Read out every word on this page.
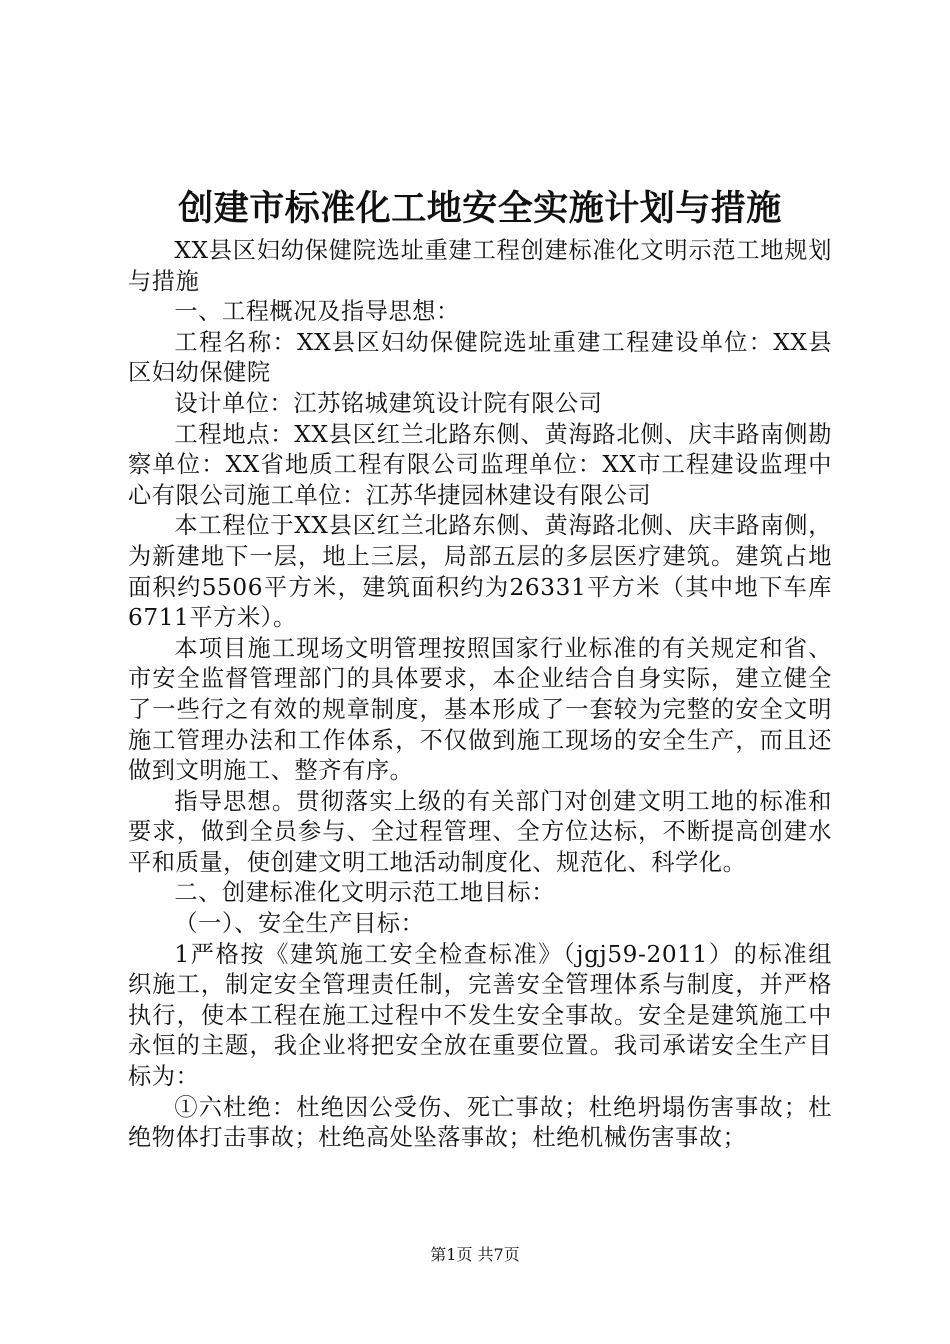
创建市标准化工地安全实施计划与措施

XX县区妇幼保健院选址重建工程创建标准化文明示范工地规划与措施

一、工程概况及指导思想：

工程名称：XX县区妇幼保健院选址重建工程建设单位：XX县区妇幼保健院

设计单位：江苏铭城建筑设计院有限公司

工程地点：XX县区红兰北路东侧、黄海路北侧、庆丰路南侧勘察单位：XX省地质工程有限公司监理单位：XX市工程建设监理中心有限公司施工单位：江苏华捷园林建设有限公司

本工程位于XX县区红兰北路东侧、黄海路北侧、庆丰路南侧，为新建地下一层，地上三层，局部五层的多层医疗建筑。建筑占地面积约5506平方米，建筑面积约为26331平方米（其中地下车库6711平方米）。

本项目施工现场文明管理按照国家行业标准的有关规定和省、市安全监督管理部门的具体要求，本企业结合自身实际，建立健全了一些行之有效的规章制度，基本形成了一套较为完整的安全文明施工管理办法和工作体系，不仅做到施工现场的安全生产，而且还做到文明施工、整齐有序。

指导思想。贯彻落实上级的有关部门对创建文明工地的标准和要求，做到全员参与、全过程管理、全方位达标，不断提高创建水平和质量，使创建文明工地活动制度化、规范化、科学化。

二、创建标准化文明示范工地目标：

（一）、安全生产目标：

1严格按《建筑施工安全检查标准》（jgj59-2011）的标准组织施工，制定安全管理责任制，完善安全管理体系与制度，并严格执行，使本工程在施工过程中不发生安全事故。安全是建筑施工中永恒的主题，我企业将把安全放在重要位置。我司承诺安全生产目标为：

①六杜绝：杜绝因公受伤、死亡事故；杜绝坍塌伤害事故；杜绝物体打击事故；杜绝高处坠落事故；杜绝机械伤害事故；

第1页 共7页
